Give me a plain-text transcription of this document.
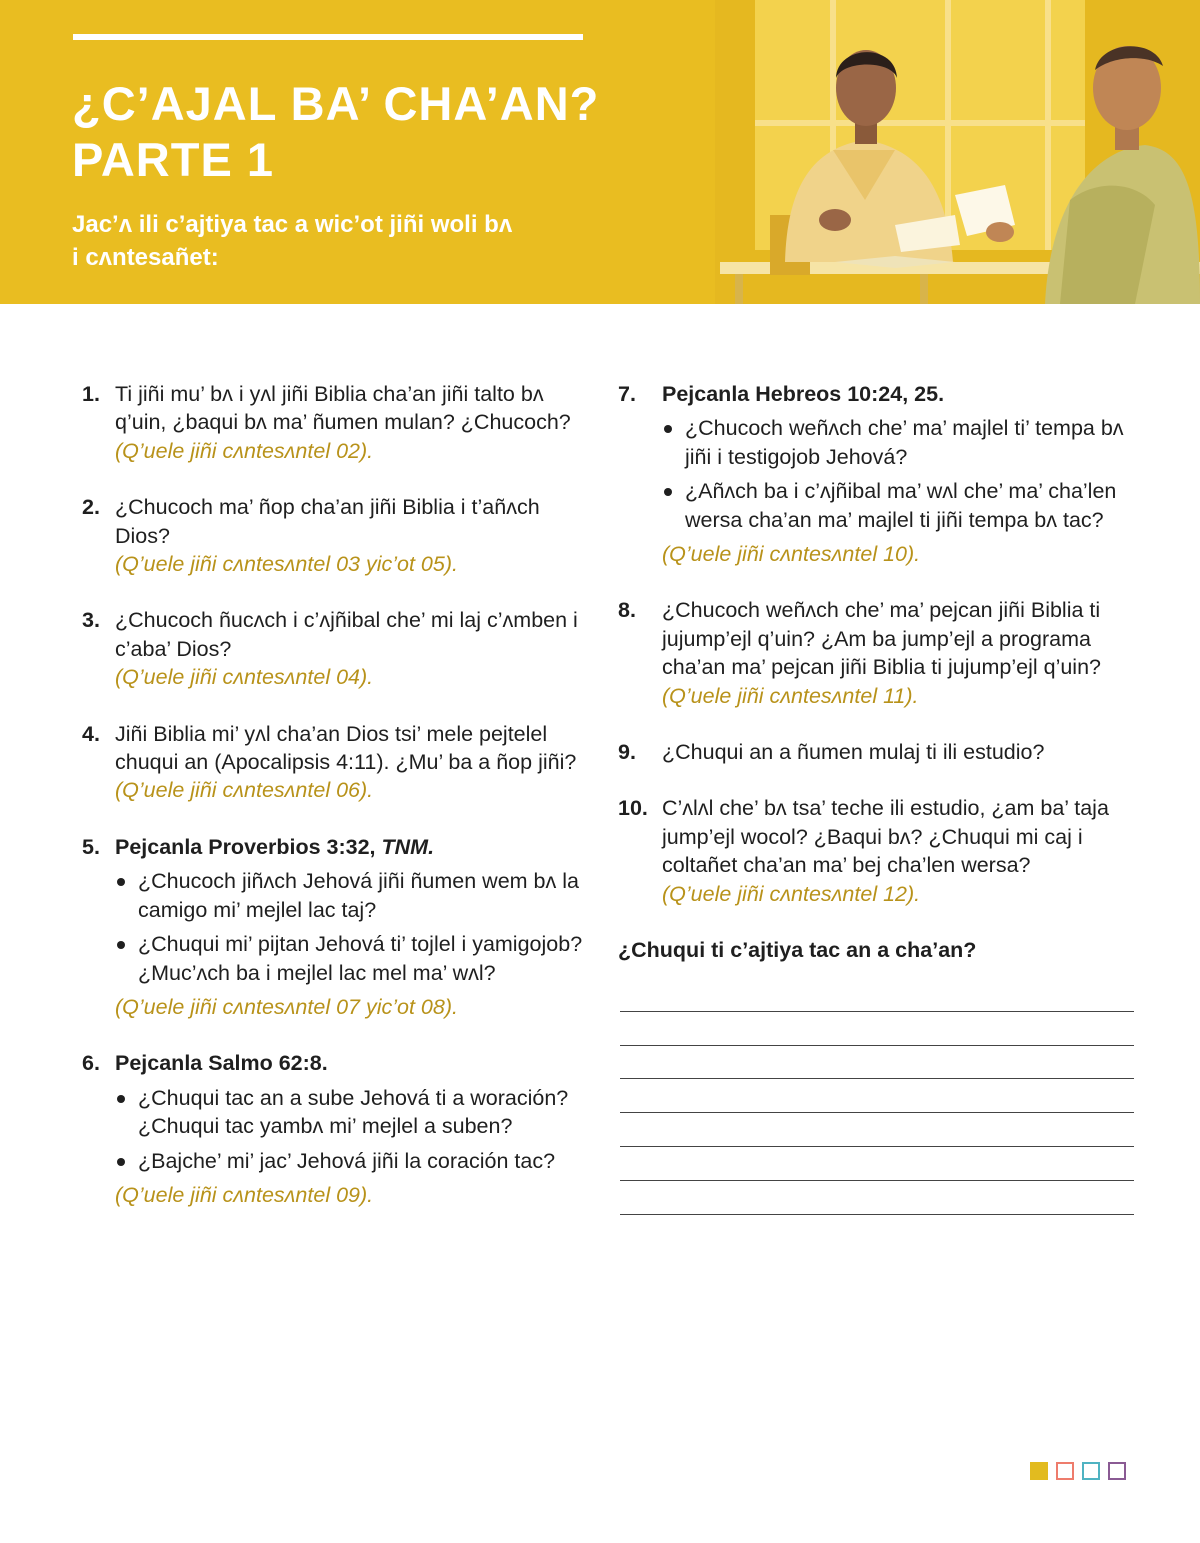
¿C’AJAL BA’ CHA’AN?
PARTE 1
Jac’ʌ ili c’ajtiya tac a wic’ot jiñi woli bʌ
i cʌntesañet:
1. Ti jiñi mu’ bʌ i yʌl jiñi Biblia cha’an jiñi talto bʌ q’uin, ¿baqui bʌ ma’ ñumen mulan? ¿Chucoch?
(Q’uele jiñi cʌntesʌntel 02).
2. ¿Chucoch ma’ ñop cha’an jiñi Biblia i t’añʌch Dios?
(Q’uele jiñi cʌntesʌntel 03 yic’ot 05).
3. ¿Chucoch ñucʌch i c’ʌjñibal che’ mi laj c’ʌmben i c’aba’ Dios?
(Q’uele jiñi cʌntesʌntel 04).
4. Jiñi Biblia mi’ yʌl cha’an Dios tsi’ mele pejtelel chuqui an (Apocalipsis 4:11). ¿Mu’ ba a ñop jiñi?
(Q’uele jiñi cʌntesʌntel 06).
5. Pejcanla Proverbios 3:32, TNM.
¿Chucoch jiñʌch Jehová jiñi ñumen wem bʌ la camigo mi’ mejlel lac taj?
¿Chuqui mi’ pijtan Jehová ti’ tojlel i yamigojob? ¿Muc’ʌch ba i mejlel lac mel ma’ wʌl?
(Q’uele jiñi cʌntesʌntel 07 yic’ot 08).
6. Pejcanla Salmo 62:8.
¿Chuqui tac an a sube Jehová ti a woración? ¿Chuqui tac yambʌ mi’ mejlel a suben?
¿Bajche’ mi’ jac’ Jehová jiñi la coración tac?
(Q’uele jiñi cʌntesʌntel 09).
7. Pejcanla Hebreos 10:24, 25.
¿Chucoch weñʌch che’ ma’ majlel ti’ tempa bʌ jiñi i testigojob Jehová?
¿Añʌch ba i c’ʌjñibal ma’ wʌl che’ ma’ cha’len wersa cha’an ma’ majlel ti jiñi tempa bʌ tac?
(Q’uele jiñi cʌntesʌntel 10).
8. ¿Chucoch weñʌch che’ ma’ pejcan jiñi Biblia ti jujump’ejl q’uin? ¿Am ba jump’ejl a programa cha’an ma’ pejcan jiñi Biblia ti jujump’ejl q’uin?
(Q’uele jiñi cʌntesʌntel 11).
9. ¿Chuqui an a ñumen mulaj ti ili estudio?
10. C’ʌlʌl che’ bʌ tsa’ teche ili estudio, ¿am ba’ taja jump’ejl wocol? ¿Baqui bʌ? ¿Chuqui mi caj i coltañet cha’an ma’ bej cha’len wersa?
(Q’uele jiñi cʌntesʌntel 12).
¿Chuqui ti c’ajtiya tac an a cha’an?
